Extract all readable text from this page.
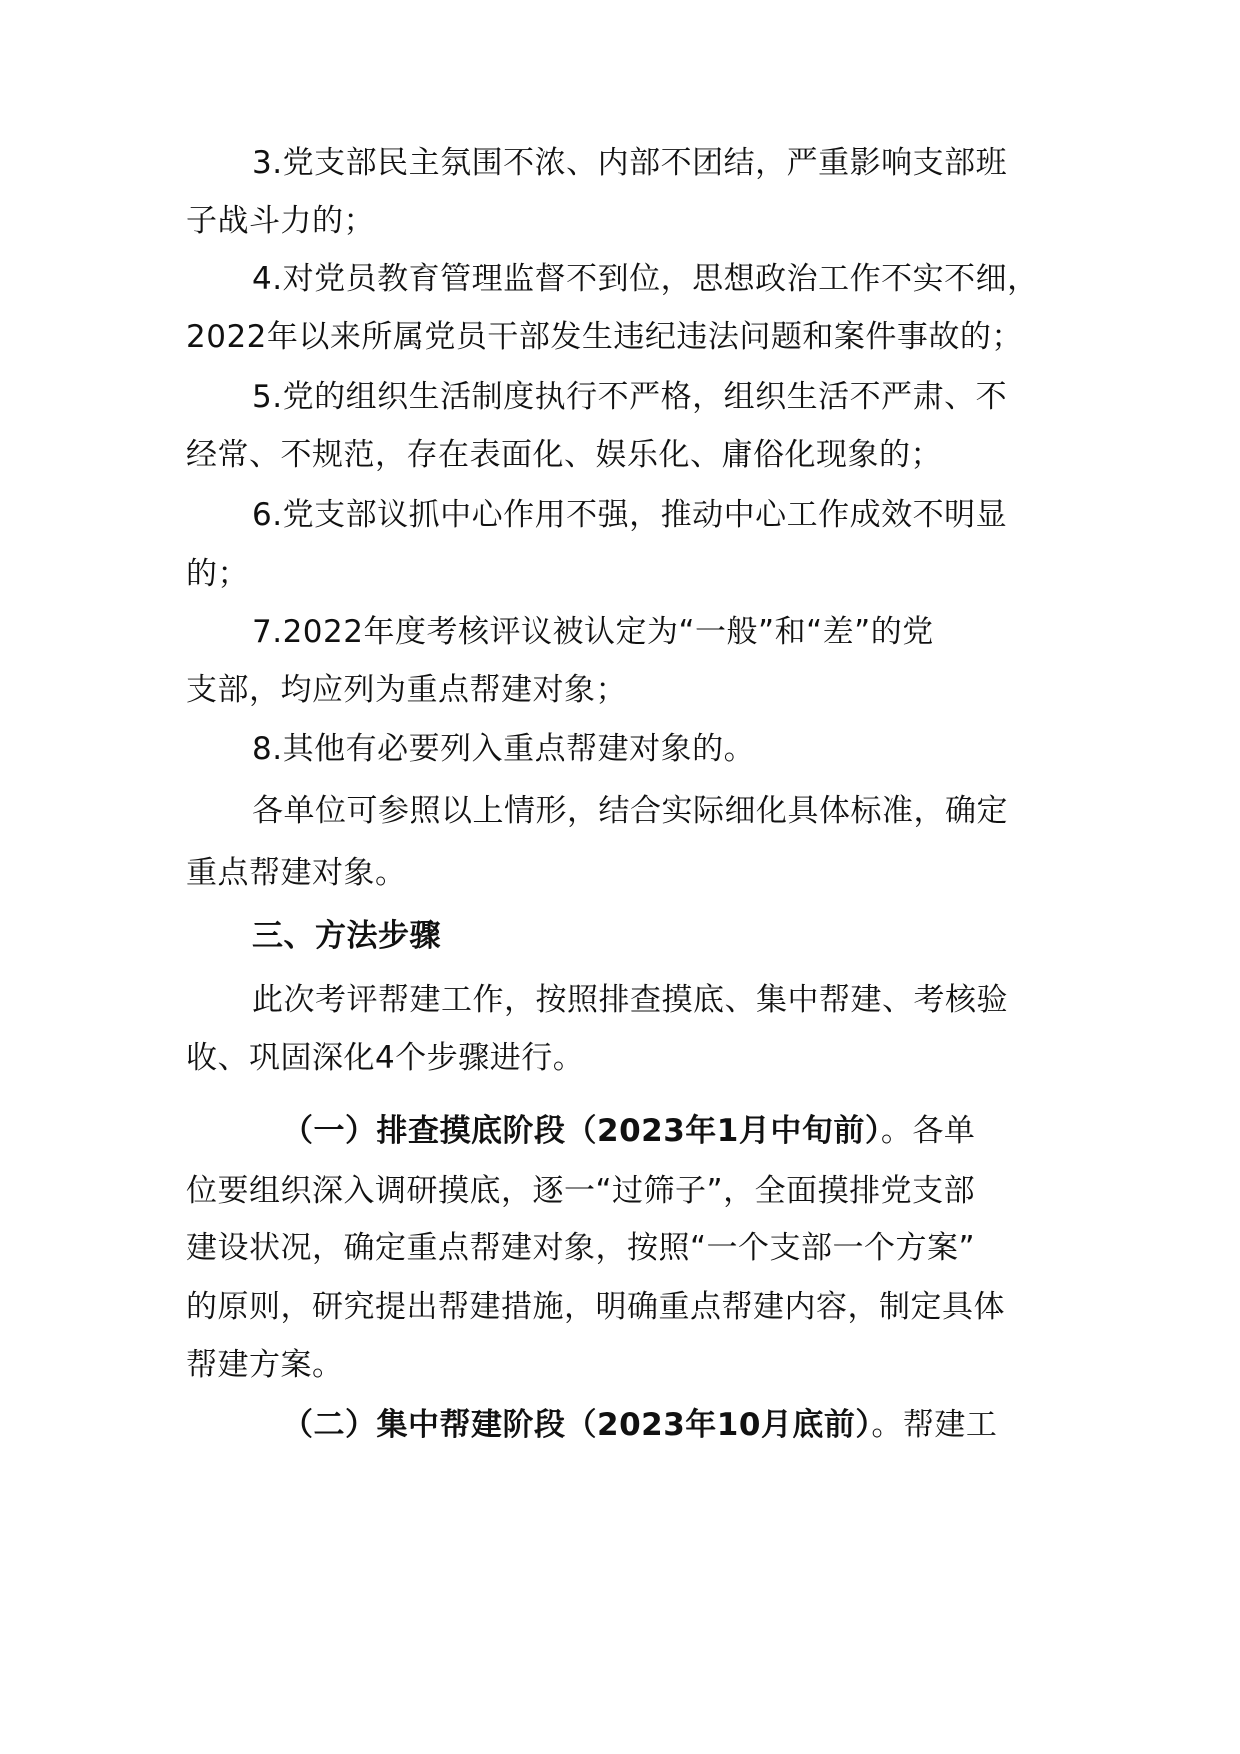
3.党支部民主氛围不浓、内部不团结，严重影响支部班
子战斗力的；
4.对党员教育管理监督不到位，思想政治工作不实不细，
2022年以来所属党员干部发生违纪违法问题和案件事故的；
5.党的组织生活制度执行不严格，组织生活不严肃、不
经常、不规范，存在表面化、娱乐化、庸俗化现象的；
6.党支部议抓中心作用不强，推动中心工作成效不明显
的；
7.2022年度考核评议被认定为“一般”和“差”的党
支部，均应列为重点帮建对象；
8.其他有必要列入重点帮建对象的。
各单位可参照以上情形，结合实际细化具体标准，确定
重点帮建对象。
三、方法步骤
此次考评帮建工作，按照排查摸底、集中帮建、考核验
收、巩固深化4个步骤进行。
（一）排查摸底阶段（2023年1月中旬前）。各单
位要组织深入调研摸底，逐一“过筛子”，全面摸排党支部
建设状况，确定重点帮建对象，按照“一个支部一个方案”
的原则，研究提出帮建措施，明确重点帮建内容，制定具体
帮建方案。
（二）集中帮建阶段（2023年10月底前）。帮建工
